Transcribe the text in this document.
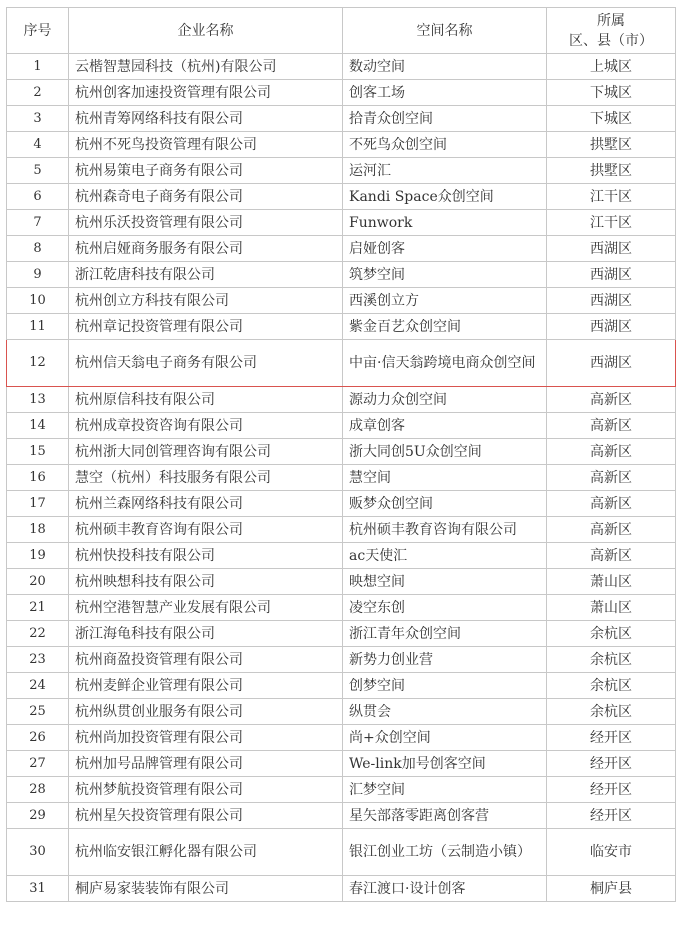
序号	企业名称	空间名称	所属
区、县（市）

1	云楷智慧园科技（杭州)有限公司	数动空间	上城区
2	杭州创客加速投资管理有限公司	创客工场	下城区
3	杭州青筹网络科技有限公司	拾青众创空间	下城区
4	杭州不死鸟投资管理有限公司	不死鸟众创空间	拱墅区
5	杭州易策电子商务有限公司	运河汇	拱墅区
6	杭州森奇电子商务有限公司	Kandi Space众创空间	江干区
7	杭州乐沃投资管理有限公司	Funwork	江干区
8	杭州启娅商务服务有限公司	启娅创客	西湖区
9	浙江乾唐科技有限公司	筑梦空间	西湖区
10	杭州创立方科技有限公司	西溪创立方	西湖区
11	杭州章记投资管理有限公司	紫金百艺众创空间	西湖区
12	杭州信天翁电子商务有限公司	中亩·信天翁跨境电商众创空间	西湖区
13	杭州原信科技有限公司	源动力众创空间	高新区
14	杭州成章投资咨询有限公司	成章创客	高新区
15	杭州浙大同创管理咨询有限公司	浙大同创5U众创空间	高新区
16	慧空（杭州）科技服务有限公司	慧空间	高新区
17	杭州兰森网络科技有限公司	贩梦众创空间	高新区
18	杭州硕丰教育咨询有限公司	杭州硕丰教育咨询有限公司	高新区
19	杭州快投科技有限公司	ac天使汇	高新区
20	杭州映想科技有限公司	映想空间	萧山区
21	杭州空港智慧产业发展有限公司	凌空东创	萧山区
22	浙江海龟科技有限公司	浙江青年众创空间	余杭区
23	杭州商盈投资管理有限公司	新势力创业营	余杭区
24	杭州麦鲜企业管理有限公司	创梦空间	余杭区
25	杭州纵贯创业服务有限公司	纵贯会	余杭区
26	杭州尚加投资管理有限公司	尚+众创空间	经开区
27	杭州加号品牌管理有限公司	We-link加号创客空间	经开区
28	杭州梦航投资管理有限公司	汇梦空间	经开区
29	杭州星矢投资管理有限公司	星矢部落零距离创客营	经开区
30	杭州临安银江孵化器有限公司	银江创业工坊（云制造小镇）	临安市
31	桐庐易家装装饰有限公司	春江渡口·设计创客	桐庐县
